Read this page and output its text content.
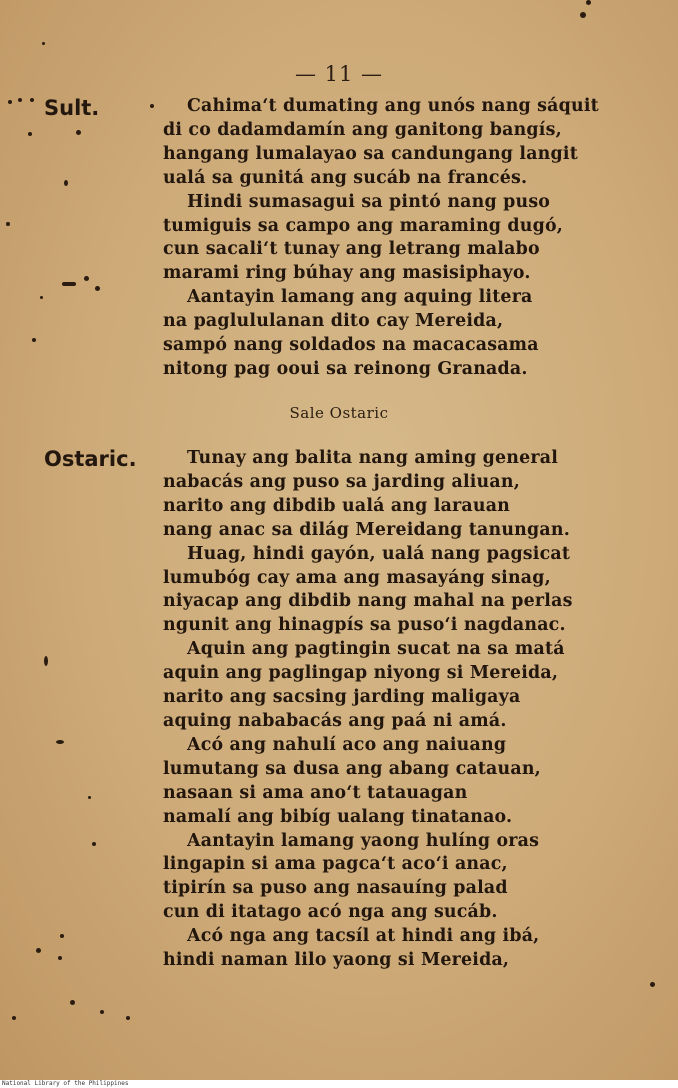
— 11 —
Sult.	Cahima‘t dumating ang unós nang sáquit
di co dadamdamín ang ganitong bangís,
hangang lumalayao sa candungang langit
ualá sa gunitá ang sucáb na francés.
Hindi sumasagui sa pintó nang puso
tumiguis sa campo ang maraming dugó,
cun sacali‘t tunay ang letrang malabo
marami ring búhay ang masisiphayo.
Aantayin lamang ang aquing litera
na paglululanan dito cay Mereida,
sampó nang soldados na macacasama
nitong pag ooui sa reinong Granada.
Sale Ostaric
Ostaric.	Tunay ang balita nang aming general
nabacás ang puso sa jarding aliuan,
narito ang dibdib ualá ang larauan
nang anac sa dilág Mereidang tanungan.
Huag, hindi gayón, ualá nang pagsicat
lumubóg cay ama ang masayáng sinag,
niyacap ang dibdib nang mahal na perlas
ngunit ang hinagpís sa puso‘i nagdanac.
Aquin ang pagtingin sucat na sa matá
aquin ang paglingap niyong si Mereida,
narito ang sacsing jarding maligaya
aquing nababacás ang paá ni amá.
Acó ang nahulí aco ang naiuang
lumutang sa dusa ang abang catauan,
nasaan si ama ano‘t tatauagan
namalí ang bibíg ualang tinatanao.
Aantayin lamang yaong hulíng oras
lingapin si ama pagca‘t aco‘i anac,
tipirín sa puso ang nasauíng palad
cun di itatago acó nga ang sucáb.
Acó nga ang tacsíl at hindi ang ibá,
hindi naman lilo yaong si Mereida,
National Library of the Philippines
